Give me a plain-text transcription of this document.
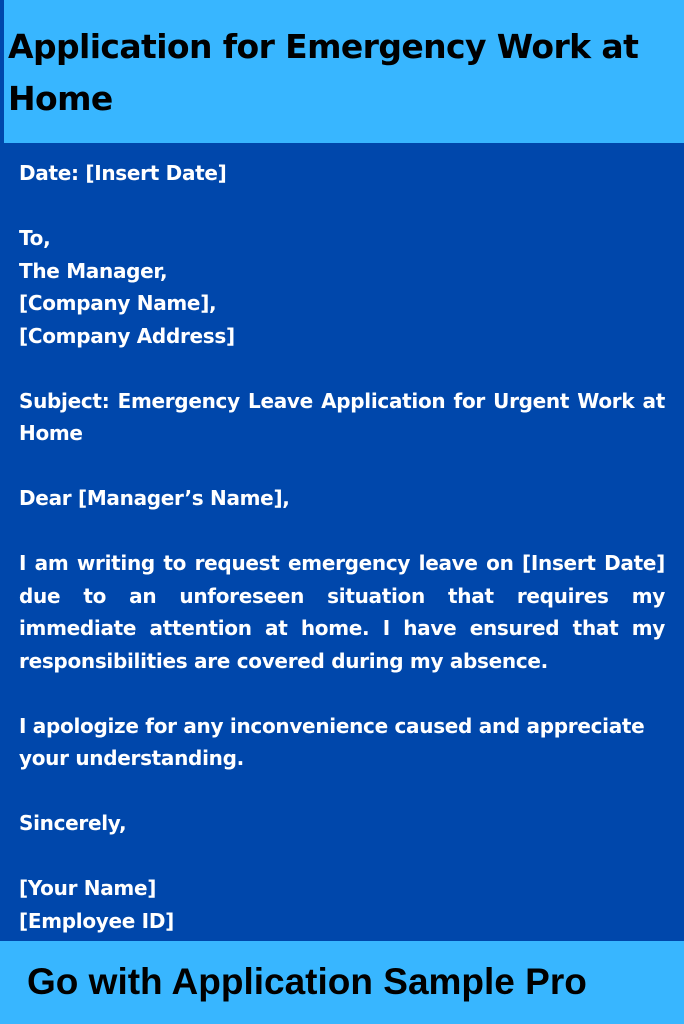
Application for Emergency Work at Home

Date: [Insert Date]

To,
The Manager,
[Company Name],
[Company Address]

Subject: Emergency Leave Application for Urgent Work at Home

Dear [Manager’s Name],

I am writing to request emergency leave on [Insert Date] due to an unforeseen situation that requires my immediate attention at home. I have ensured that my responsibilities are covered during my absence.

I apologize for any inconvenience caused and appreciate your understanding.

Sincerely,

[Your Name]
[Employee ID]

Go with Application Sample Pro
